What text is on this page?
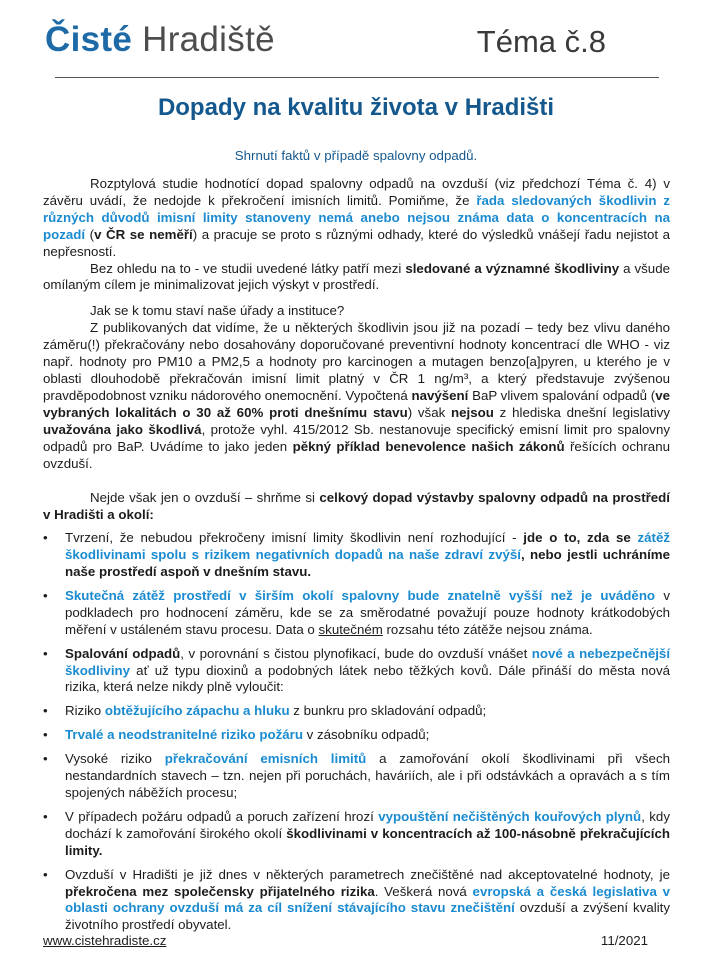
Čisté Hradiště	Téma č.8
Dopady na kvalitu života v Hradišti
Shrnutí faktů v případě spalovny odpadů.

Rozptylová studie hodnotící dopad spalovny odpadů na ovzduší (viz předchozí Téma č. 4) v závěru uvádí, že nedojde k překročení imisních limitů. Pomiňme, že řada sledovaných škodlivin z různých důvodů imisní limity stanoveny nemá anebo nejsou známa data o koncentracích na pozadí (v ČR se neměří) a pracuje se proto s různými odhady, které do výsledků vnášejí řadu nejistot a nepřesností.

Bez ohledu na to - ve studii uvedené látky patří mezi sledované a významné škodliviny a všude omílaným cílem je minimalizovat jejich výskyt v prostředí.

Jak se k tomu staví naše úřady a instituce?

Z publikovaných dat vidíme, že u některých škodlivin jsou již na pozadí – tedy bez vlivu daného záměru(!) překračovány nebo dosahovány doporučované preventivní hodnoty koncentrací dle WHO - viz např. hodnoty pro PM10 a PM2,5 a hodnoty pro karcinogen a mutagen benzo[a]pyren, u kterého je v oblasti dlouhodobě překračován imisní limit platný v ČR 1 ng/m³, a který představuje zvýšenou pravděpodobnost vzniku nádorového onemocnění. Vypočtená navýšení BaP vlivem spalování odpadů (ve vybraných lokalitách o 30 až 60% proti dnešnímu stavu) však nejsou z hlediska dnešní legislativy uvažována jako škodlivá, protože vyhl. 415/2012 Sb. nestanovuje specifický emisní limit pro spalovny odpadů pro BaP. Uvádíme to jako jeden pěkný příklad benevolence našich zákonů řešících ochranu ovzduší.

Nejde však jen o ovzduší – shrňme si celkový dopad výstavby spalovny odpadů na prostředí v Hradišti a okolí:

• Tvrzení, že nebudou překročeny imisní limity škodlivin není rozhodující - jde o to, zda se zátěž škodlivinami spolu s rizikem negativních dopadů na naše zdraví zvýší, nebo jestli uchráníme naše prostředí aspoň v dnešním stavu.
• Skutečná zátěž prostředí v širším okolí spalovny bude znatelně vyšší než je uváděno v podkladech pro hodnocení záměru, kde se za směrodatné považují pouze hodnoty krátkodobých měření v ustáleném stavu procesu. Data o skutečném rozsahu této zátěže nejsou známa.
• Spalování odpadů, v porovnání s čistou plynofikací, bude do ovzduší vnášet nové a nebezpečnější škodliviny ať už typu dioxinů a podobných látek nebo těžkých kovů. Dále přináší do města nová rizika, která nelze nikdy plně vyloučit:
• Riziko obtěžujícího zápachu a hluku z bunkru pro skladování odpadů;
• Trvalé a neodstranitelné riziko požáru v zásobníku odpadů;
• Vysoké riziko překračování emisních limitů a zamořování okolí škodlivinami při všech nestandardních stavech – tzn. nejen při poruchách, haváriích, ale i při odstávkách a opravách a s tím spojených náběžích procesu;
• V případech požáru odpadů a poruch zařízení hrozí vypouštění nečištěných kouřových plynů, kdy dochází k zamořování širokého okolí škodlivinami v koncentracích až 100-násobně překračujících limity.
• Ovzduší v Hradišti je již dnes v některých parametrech znečištěné nad akceptovatelné hodnoty, je překročena mez společensky přijatelného rizika. Veškerá nová evropská a česká legislativa v oblasti ochrany ovzduší má za cíl snížení stávajícího stavu znečištění ovzduší a zvýšení kvality životního prostředí obyvatel.
www.cistehradiste.cz	11/2021
